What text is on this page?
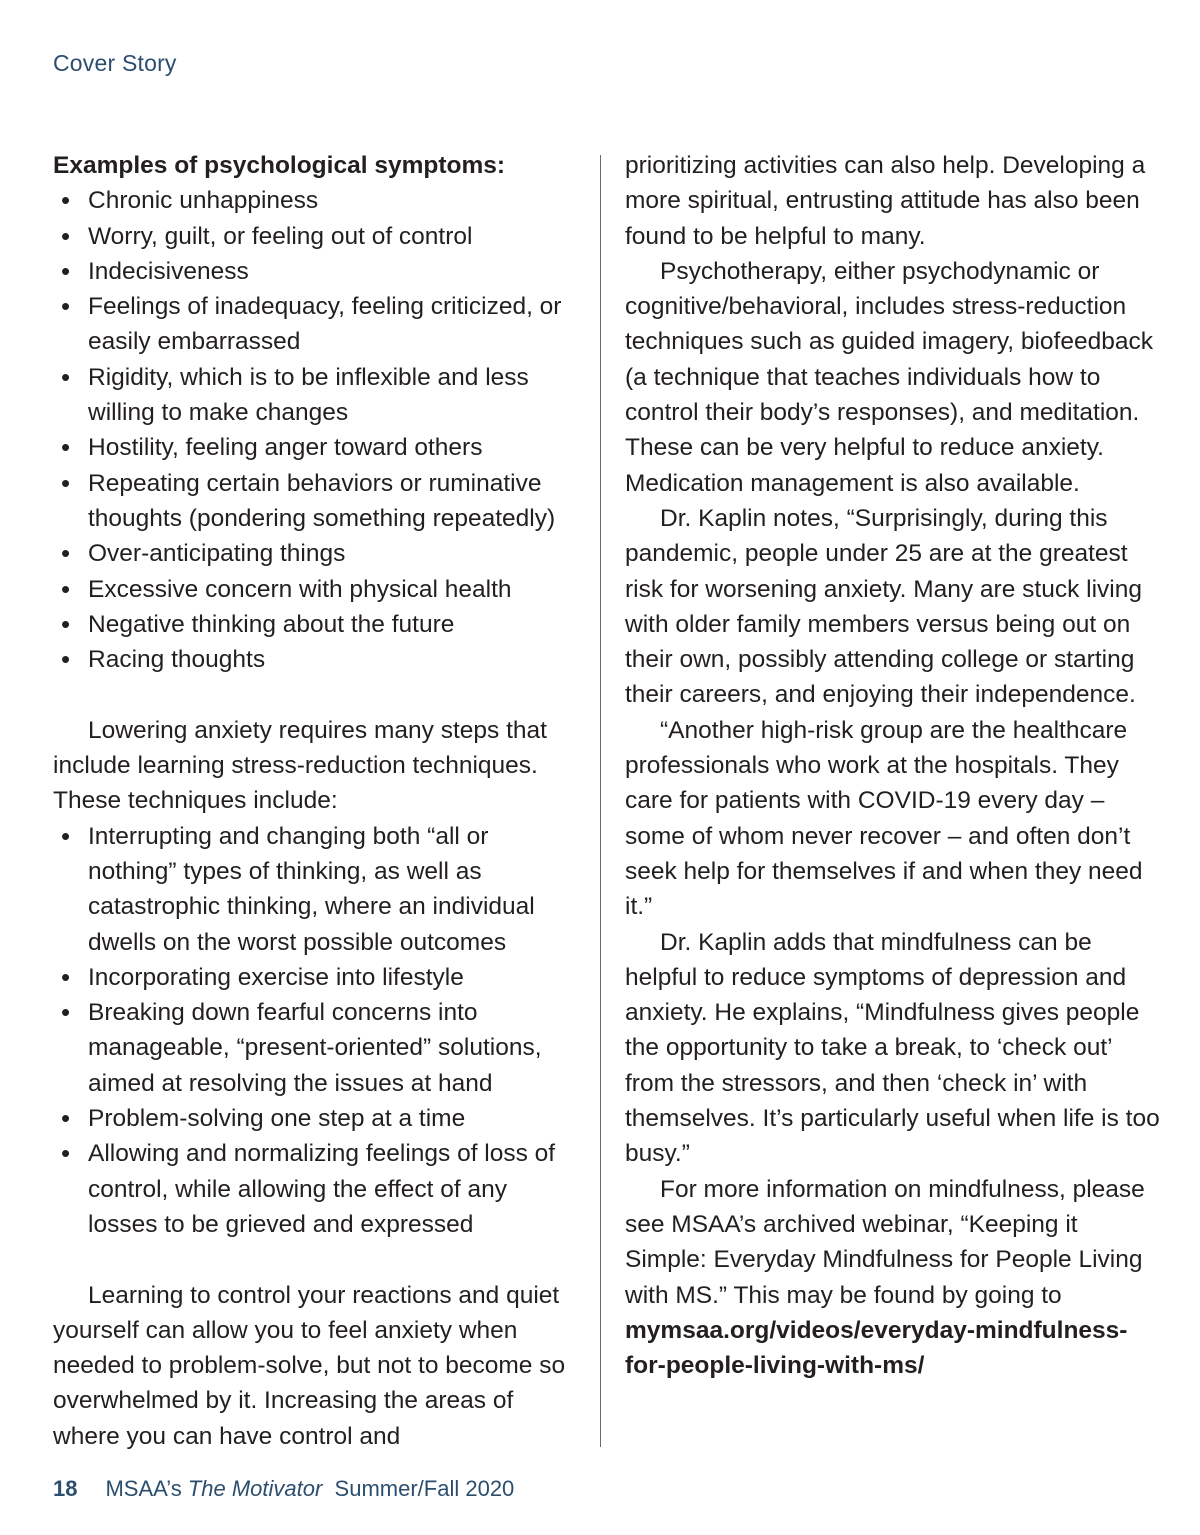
Cover Story

Examples of psychological symptoms:

• Chronic unhappiness
• Worry, guilt, or feeling out of control
• Indecisiveness
• Feelings of inadequacy, feeling criticized, or easily embarrassed
• Rigidity, which is to be inflexible and less willing to make changes
• Hostility, feeling anger toward others
• Repeating certain behaviors or ruminative thoughts (pondering something repeatedly)
• Over-anticipating things
• Excessive concern with physical health
• Negative thinking about the future
• Racing thoughts

Lowering anxiety requires many steps that include learning stress-reduction techniques. These techniques include:

• Interrupting and changing both “all or nothing” types of thinking, as well as catastrophic thinking, where an individual dwells on the worst possible outcomes
• Incorporating exercise into lifestyle
• Breaking down fearful concerns into manageable, “present-oriented” solutions, aimed at resolving the issues at hand
• Problem-solving one step at a time
• Allowing and normalizing feelings of loss of control, while allowing the effect of any losses to be grieved and expressed

Learning to control your reactions and quiet yourself can allow you to feel anxiety when needed to problem-solve, but not to become so overwhelmed by it. Increasing the areas of where you can have control and

prioritizing activities can also help. Developing a more spiritual, entrusting attitude has also been found to be helpful to many.

Psychotherapy, either psychodynamic or cognitive/behavioral, includes stress-reduction techniques such as guided imagery, biofeedback (a technique that teaches individuals how to control their body’s responses), and meditation. These can be very helpful to reduce anxiety. Medication management is also available.

Dr. Kaplin notes, “Surprisingly, during this pandemic, people under 25 are at the greatest risk for worsening anxiety. Many are stuck living with older family members versus being out on their own, possibly attending college or starting their careers, and enjoying their independence.

“Another high-risk group are the healthcare professionals who work at the hospitals. They care for patients with COVID-19 every day – some of whom never recover – and often don’t seek help for themselves if and when they need it.”

Dr. Kaplin adds that mindfulness can be helpful to reduce symptoms of depression and anxiety. He explains, “Mindfulness gives people the opportunity to take a break, to ‘check out’ from the stressors, and then ‘check in’ with themselves. It’s particularly useful when life is too busy.”

For more information on mindfulness, please see MSAA’s archived webinar, “Keeping it Simple: Everyday Mindfulness for People Living with MS.” This may be found by going to mymsaa.org/videos/everyday-mindfulness-for-people-living-with-ms/

18 MSAA’s The Motivator Summer/Fall 2020
